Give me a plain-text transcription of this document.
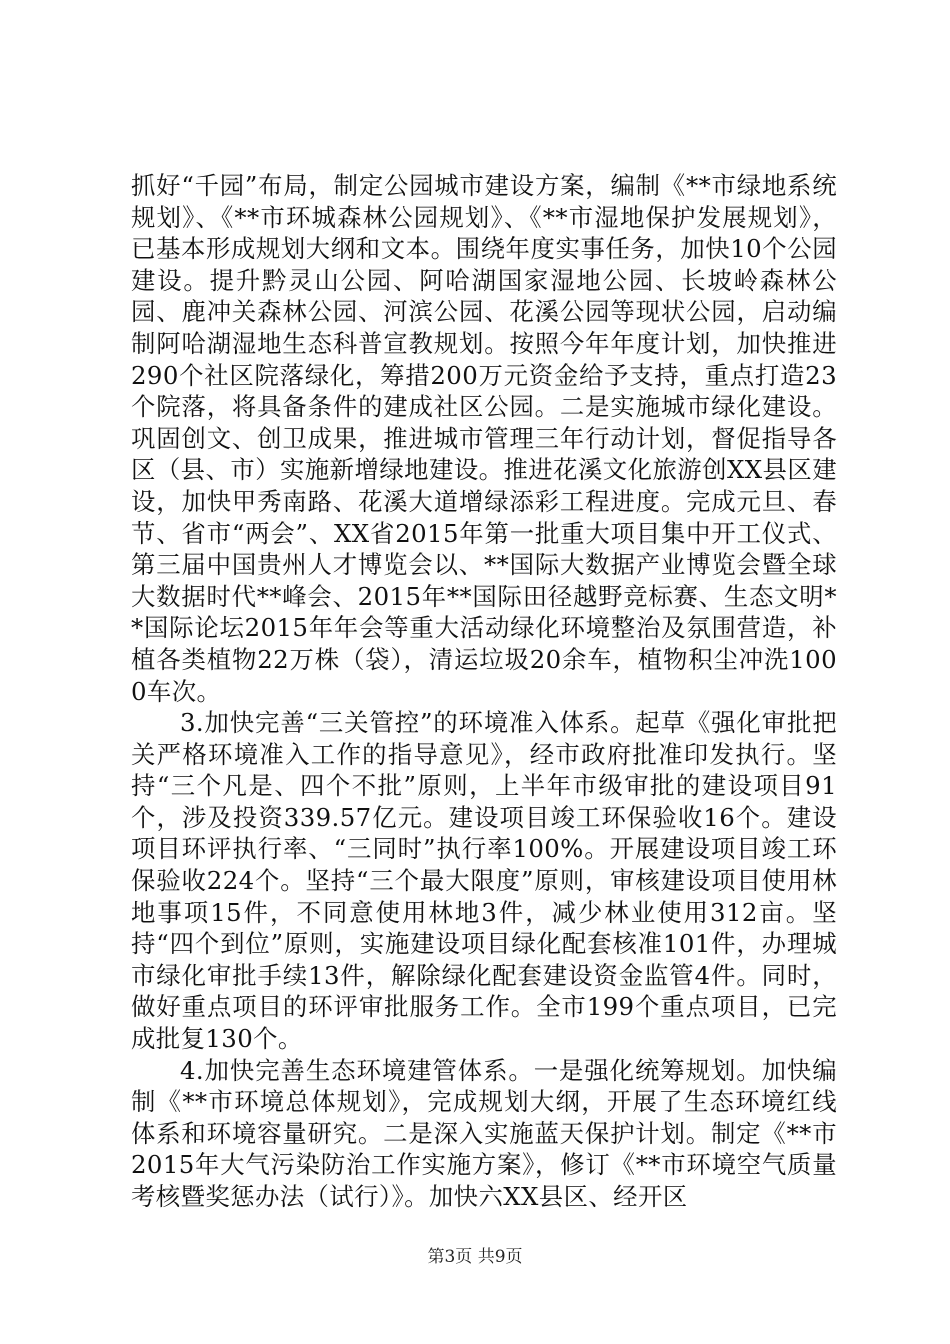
抓好“千园”布局，制定公园城市建设方案，编制《**市绿地系统规划》、《**市环城森林公园规划》、《**市湿地保护发展规划》，已基本形成规划大纲和文本。围绕年度实事任务，加快10个公园建设。提升黔灵山公园、阿哈湖国家湿地公园、长坡岭森林公园、鹿冲关森林公园、河滨公园、花溪公园等现状公园，启动编制阿哈湖湿地生态科普宣教规划。按照今年年度计划，加快推进290个社区院落绿化，筹措200万元资金给予支持，重点打造23个院落，将具备条件的建成社区公园。二是实施城市绿化建设。巩固创文、创卫成果，推进城市管理三年行动计划，督促指导各区（县、市）实施新增绿地建设。推进花溪文化旅游创XX县区建设，加快甲秀南路、花溪大道增绿添彩工程进度。完成元旦、春节、省市“两会”、XX省2015年第一批重大项目集中开工仪式、第三届中国贵州人才博览会以、**国际大数据产业博览会暨全球大数据时代**峰会、2015年**国际田径越野竞标赛、生态文明**国际论坛2015年年会等重大活动绿化环境整治及氛围营造，补植各类植物22万株（袋），清运垃圾20余车，植物积尘冲洗1000车次。

3.加快完善“三关管控”的环境准入体系。起草《强化审批把关严格环境准入工作的指导意见》，经市政府批准印发执行。坚持“三个凡是、四个不批”原则，上半年市级审批的建设项目91个，涉及投资339.57亿元。建设项目竣工环保验收16个。建设项目环评执行率、“三同时”执行率100%。开展建设项目竣工环保验收224个。坚持“三个最大限度”原则，审核建设项目使用林地事项15件，不同意使用林地3件，减少林业使用312亩。坚持“四个到位”原则，实施建设项目绿化配套核准101件，办理城市绿化审批手续13件，解除绿化配套建设资金监管4件。同时，做好重点项目的环评审批服务工作。全市199个重点项目，已完成批复130个。

4.加快完善生态环境建管体系。一是强化统筹规划。加快编制《**市环境总体规划》，完成规划大纲，开展了生态环境红线体系和环境容量研究。二是深入实施蓝天保护计划。制定《**市2015年大气污染防治工作实施方案》，修订《**市环境空气质量考核暨奖惩办法（试行）》。加快六XX县区、经开区

第3页 共9页
